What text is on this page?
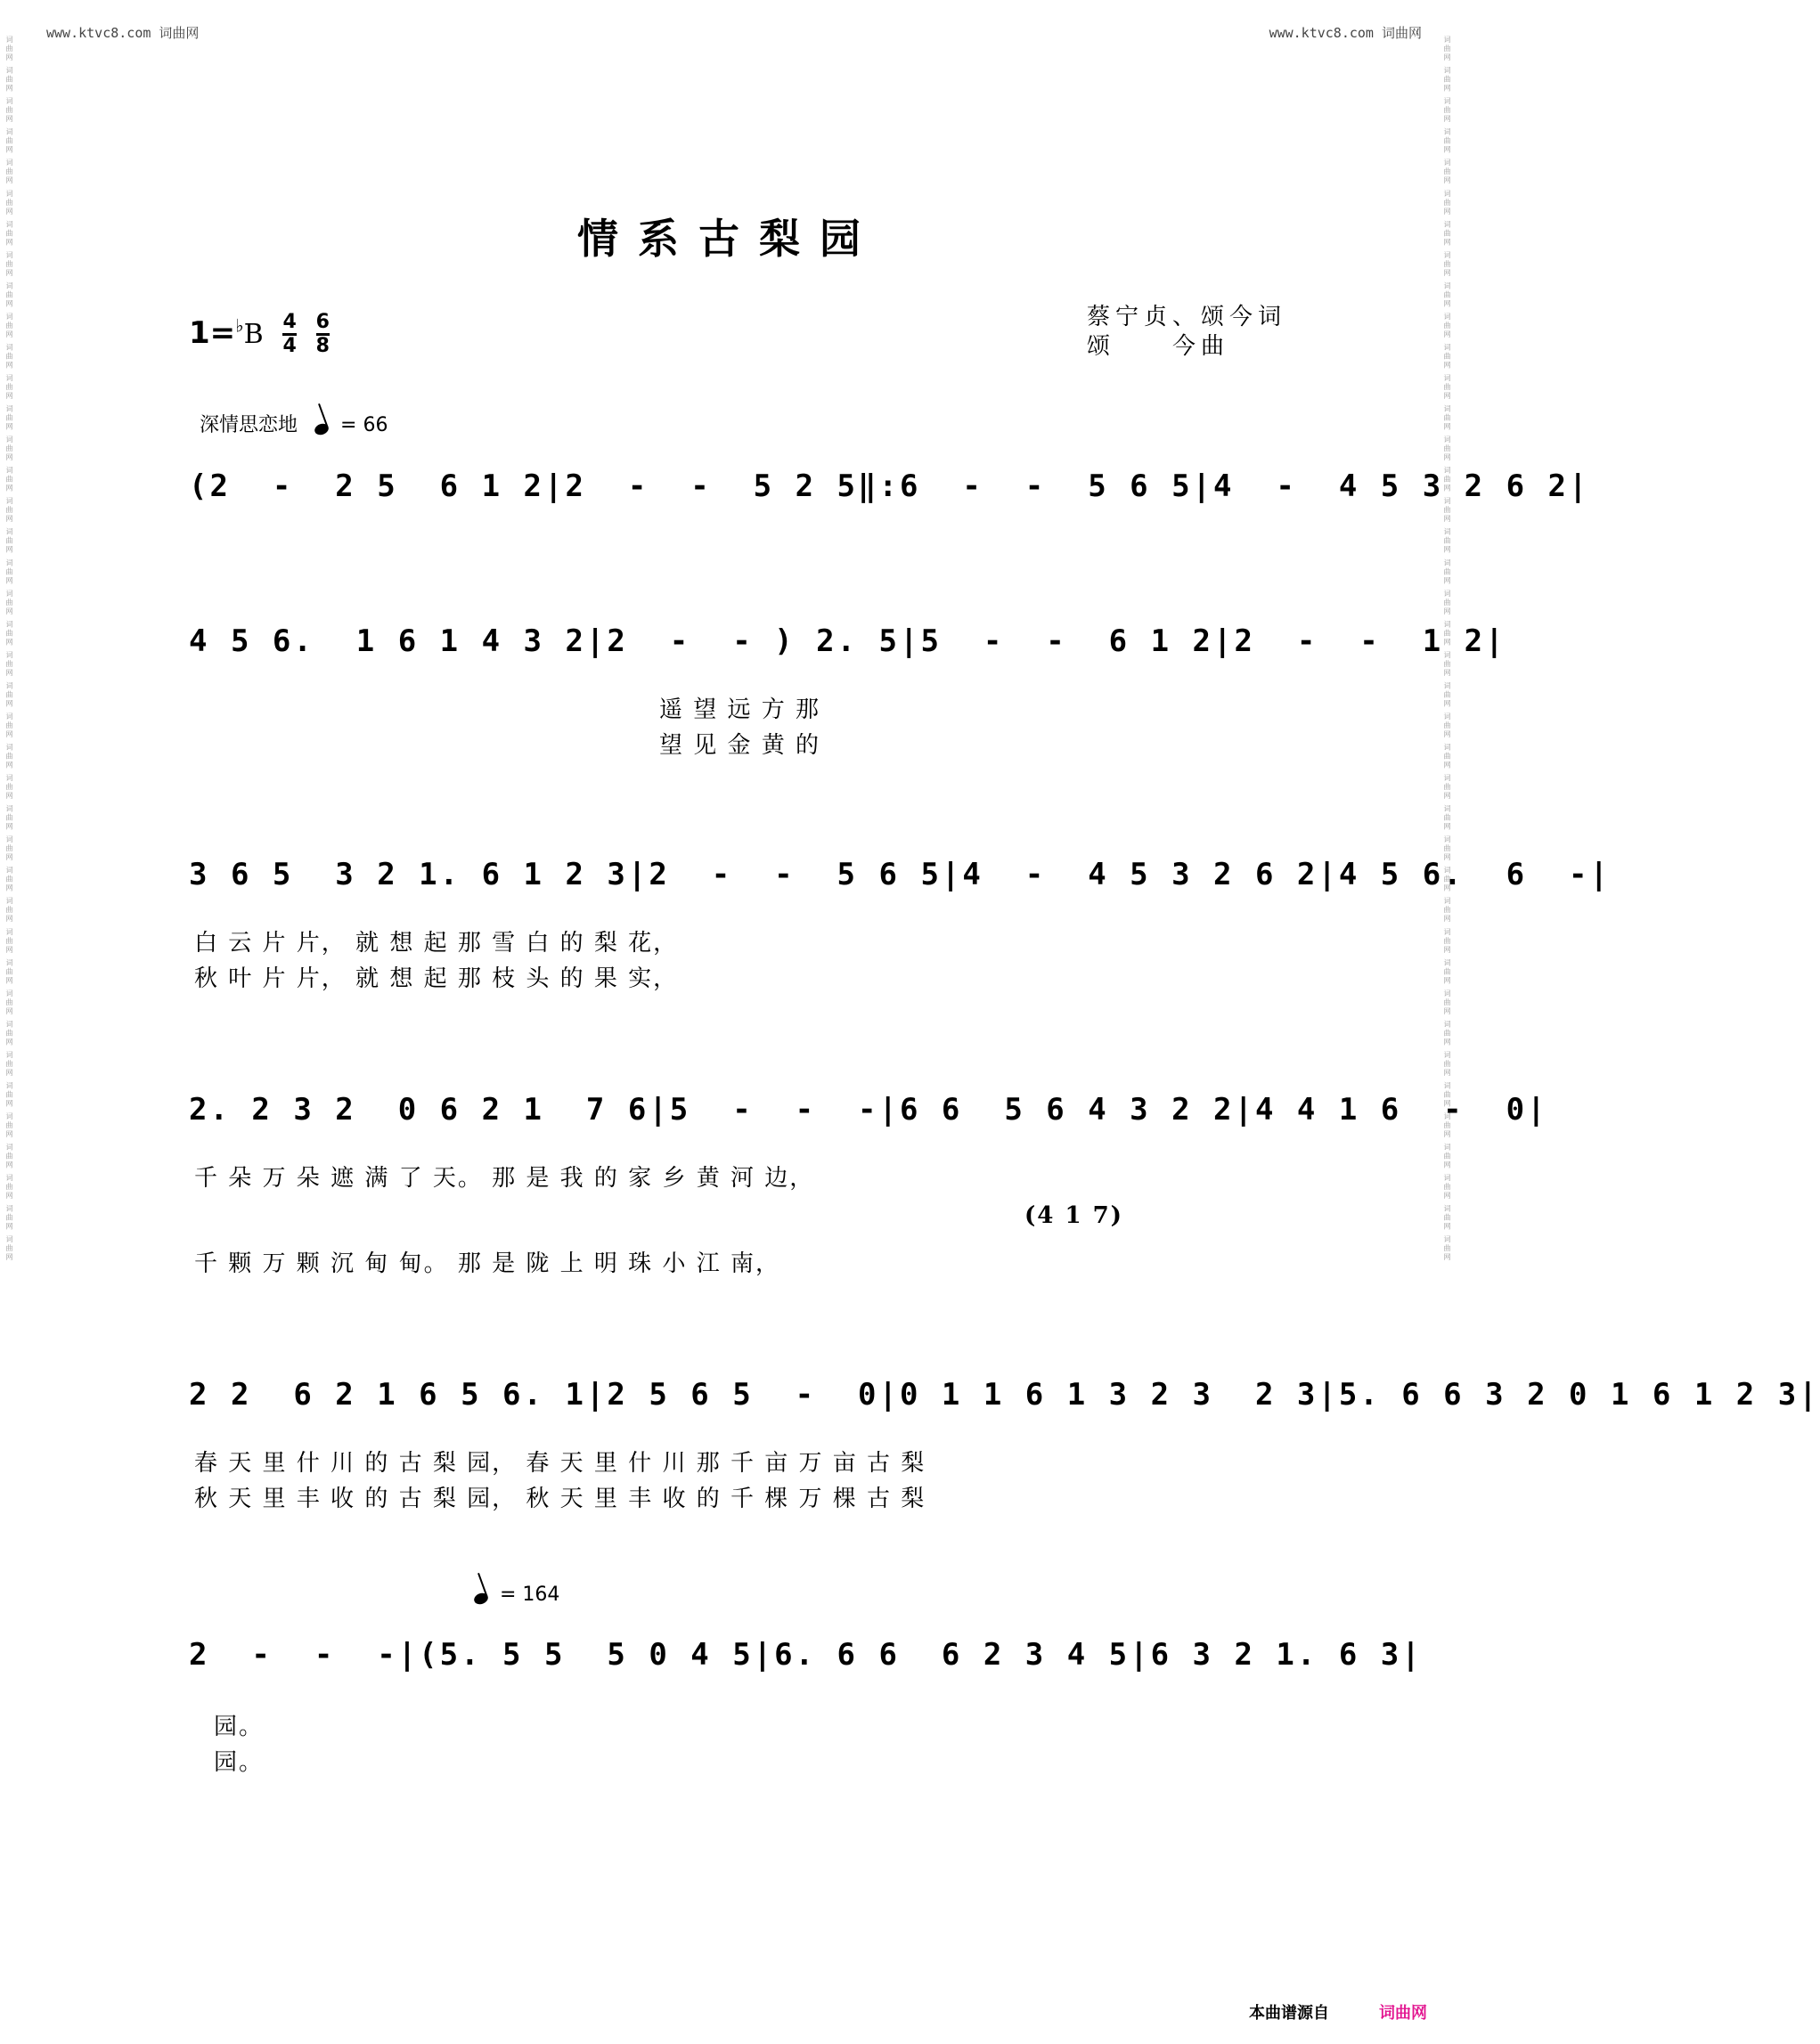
词曲网 词曲网 词曲网 词曲网 词曲网 词曲网 词曲网 词曲网 词曲网 词曲网 词曲网 词曲网 词曲网 词曲网 词曲网 词曲网 词曲网 词曲网 词曲网 词曲网 词曲网 词曲网 词曲网 词曲网 词曲网 词曲网 词曲网 词曲网 词曲网 词曲网 词曲网 词曲网 词曲网 词曲网 词曲网 词曲网 词曲网 词曲网 词曲网 词曲网	词曲网 词曲网 词曲网 词曲网 词曲网 词曲网 词曲网 词曲网 词曲网 词曲网 词曲网 词曲网 词曲网 词曲网 词曲网 词曲网 词曲网 词曲网 词曲网 词曲网 词曲网 词曲网 词曲网 词曲网 词曲网 词曲网 词曲网 词曲网 词曲网 词曲网 词曲网 词曲网 词曲网 词曲网 词曲网 词曲网 词曲网 词曲网 词曲网 词曲网
www.ktvc8.com 词曲网	www.ktvc8.com 词曲网
情系古梨园
$1=^♭B \frac{4}{4}$
$\frac{6}{8}$	蔡宁贞、颂今词
颂　　今曲
深情思恋地 = 66
(2  -  2 5  6 1 2|2  -  -  5 2 5‖:6  -  -  5 6 5|4  -  4 5 3 2 6 2|
4 5 6.  1 6 1 4 3 2|2  -  - ) 2. 5|5  -  -  6 1 2|2  -  -  1 2|
遥 望 远 方 那
望 见 金 黄 的
3 6 5  3 2 1. 6 1 2 3|2  -  -  5 6 5|4  -  4 5 3 2 6 2|4 5 6.  6  -|
白 云 片 片， 就 想 起 那 雪 白 的 梨 花，
秋 叶 片 片， 就 想 起 那 枝 头 的 果 实，
2. 2 3 2  0 6 2 1  7 6|5  -  -  -|6 6  5 6 4 3 2 2|4 4 1 6  -  0|
千 朵 万 朵 遮 满 了 天。 那 是 我 的 家 乡 黄 河 边，
(4 1 7)
千 颗 万 颗 沉 甸 甸。 那 是 陇 上 明 珠 小 江 南，
2 2  6 2 1 6 5 6. 1|2 5 6 5  -  0|0 1 1 6 1 3 2 3  2 3|5. 6 6 3 2 0 1 6 1 2 3|
春 天 里 什 川 的 古 梨 园， 春 天 里 什 川 那 千 亩 万 亩 古 梨
秋 天 里 丰 收 的 古 梨 园， 秋 天 里 丰 收 的 千 棵 万 棵 古 梨
= 164
2  -  -  -|(5. 5 5  5 0 4 5|6. 6 6  6 2 3 4 5|6 3 2 1. 6 3|
园。
园。
本曲谱源自	词曲网
